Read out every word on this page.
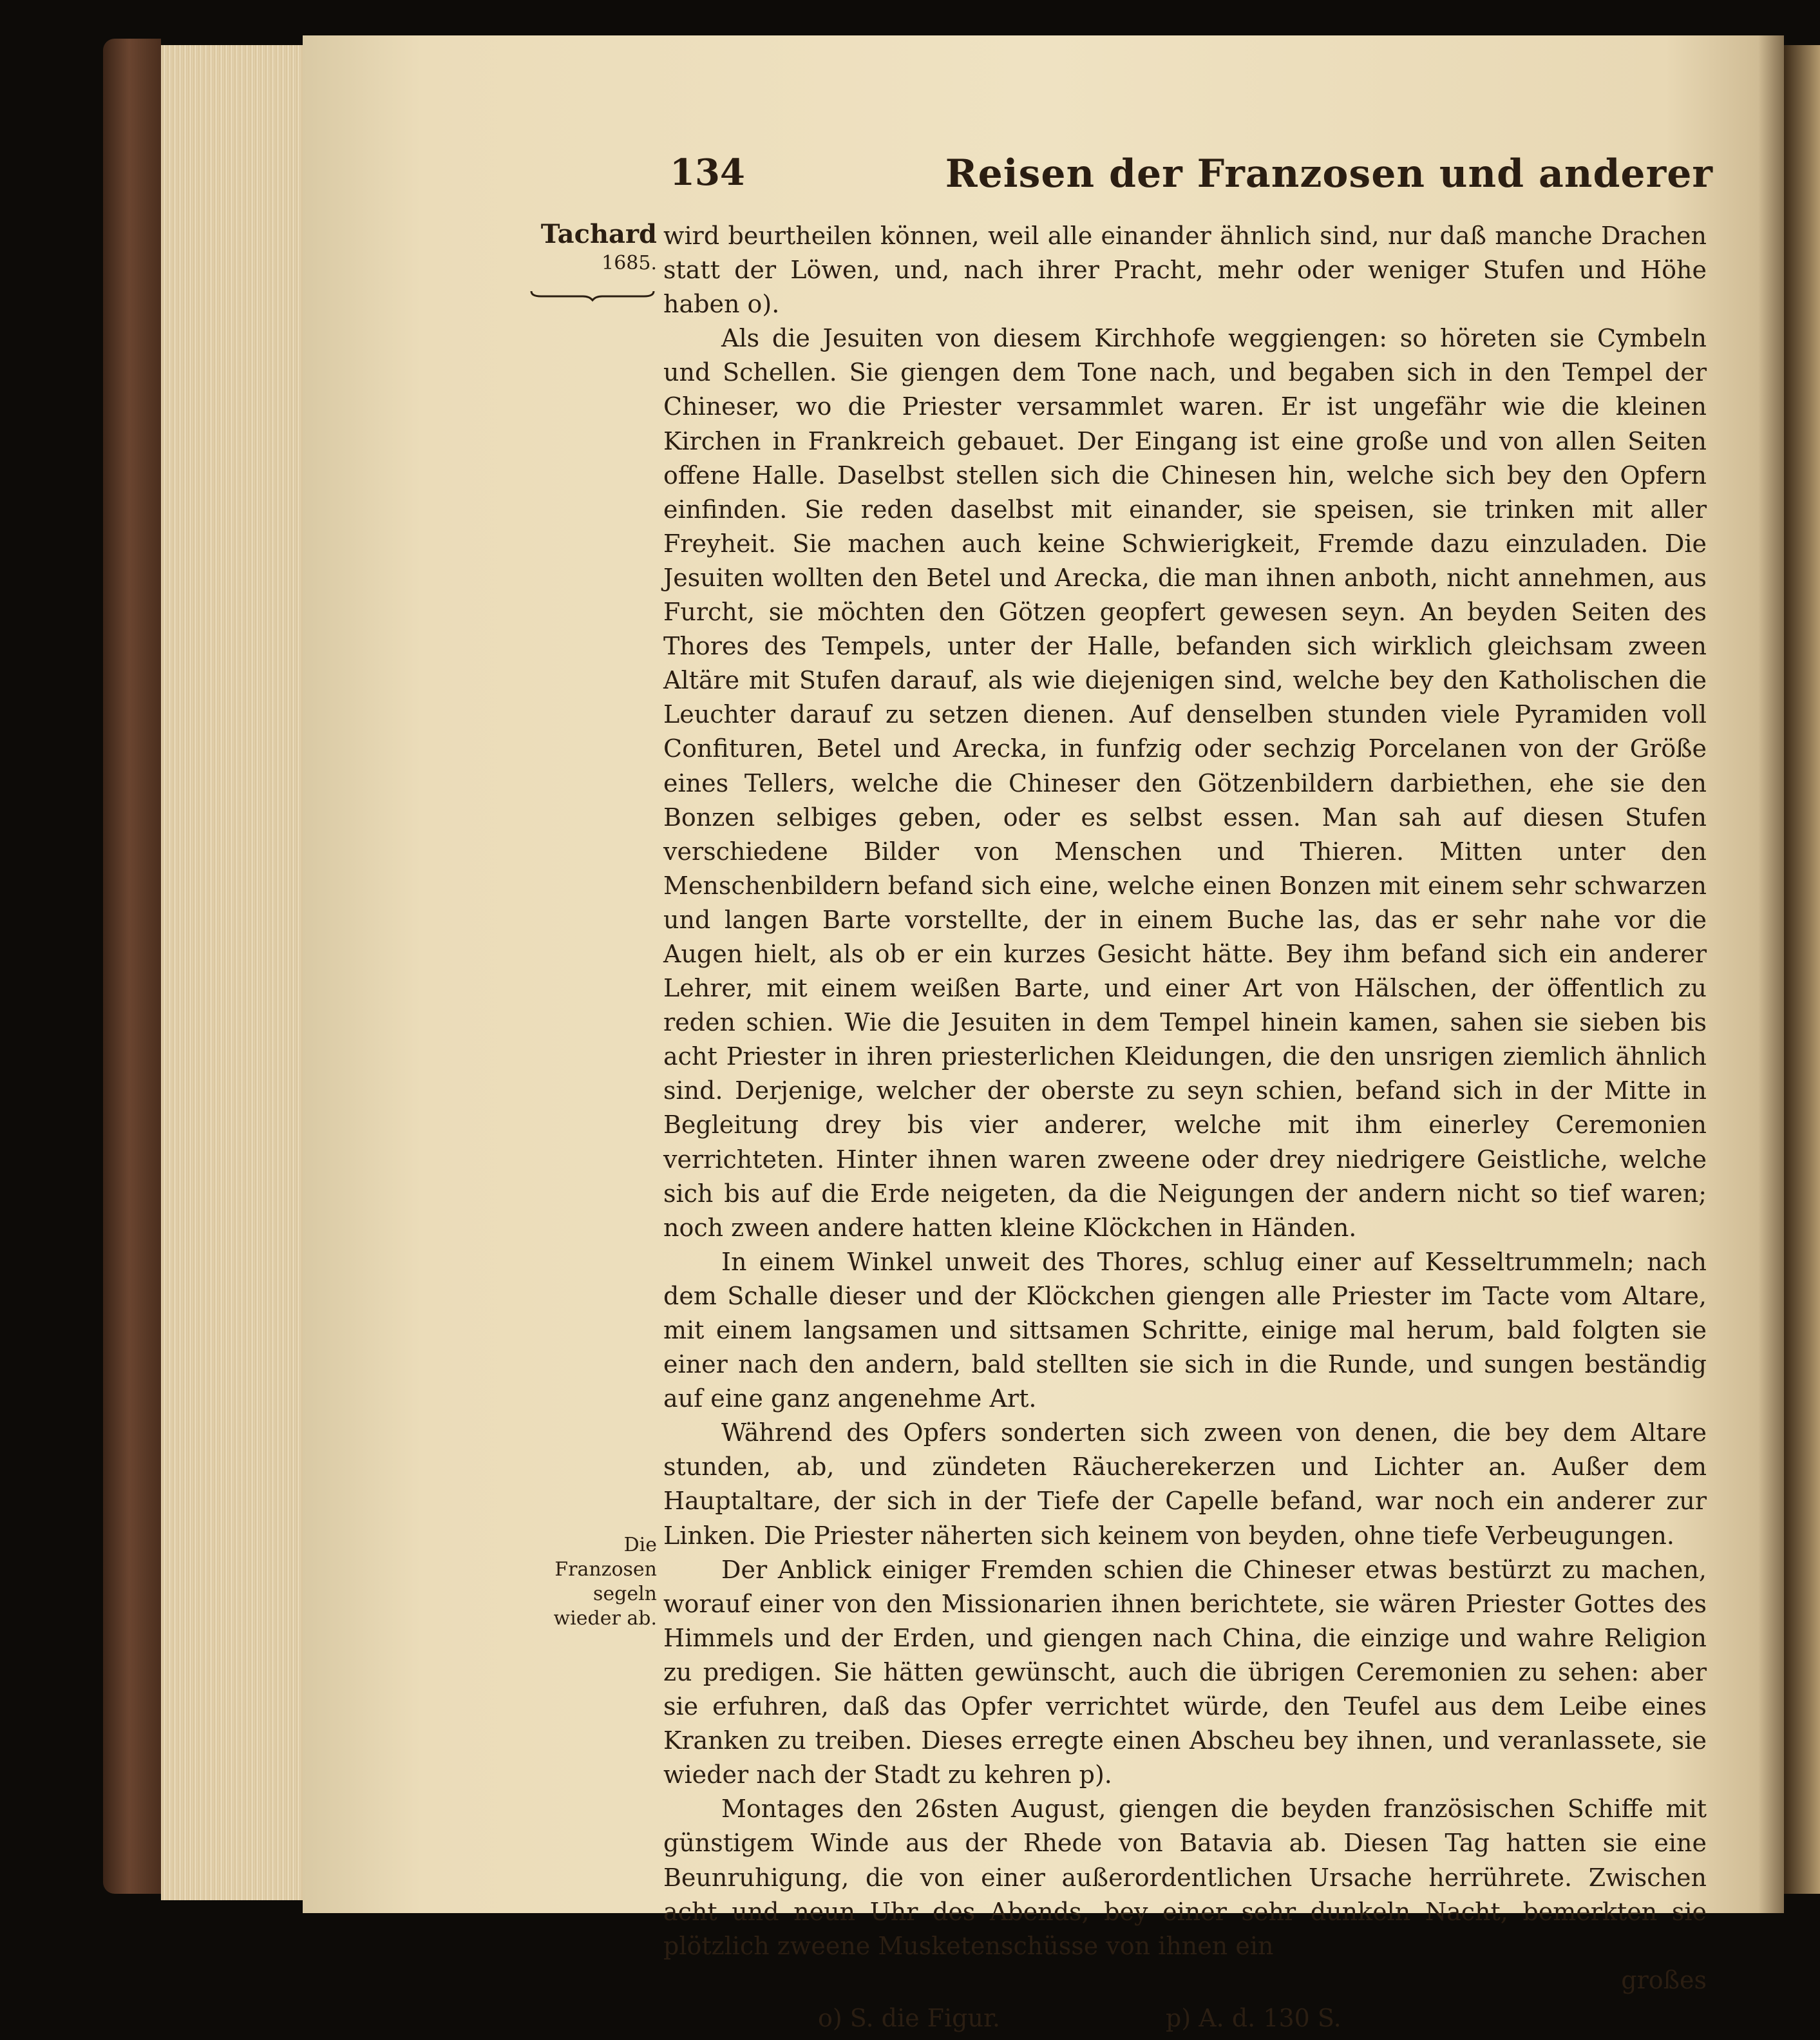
134	Reisen der Franzosen und anderer
Tachard
1685.
Die Franzosen segeln wieder ab.

wird beurtheilen können, weil alle einander ähnlich sind, nur daß manche Drachen statt der Löwen, und, nach ihrer Pracht, mehr oder weniger Stufen und Höhe haben o).

Als die Jesuiten von diesem Kirchhofe weggiengen: so höreten sie Cymbeln und Schellen. Sie giengen dem Tone nach, und begaben sich in den Tempel der Chineser, wo die Priester versammlet waren. Er ist ungefähr wie die kleinen Kirchen in Frankreich gebauet. Der Eingang ist eine große und von allen Seiten offene Halle. Daselbst stellen sich die Chinesen hin, welche sich bey den Opfern einfinden. Sie reden daselbst mit einander, sie speisen, sie trinken mit aller Freyheit. Sie machen auch keine Schwierigkeit, Fremde dazu einzuladen. Die Jesuiten wollten den Betel und Arecka, die man ihnen anboth, nicht annehmen, aus Furcht, sie möchten den Götzen geopfert gewesen seyn. An beyden Seiten des Thores des Tempels, unter der Halle, befanden sich wirklich gleichsam zween Altäre mit Stufen darauf, als wie diejenigen sind, welche bey den Katholischen die Leuchter darauf zu setzen dienen. Auf denselben stunden viele Pyramiden voll Confituren, Betel und Arecka, in funfzig oder sechzig Porcelanen von der Größe eines Tellers, welche die Chineser den Götzenbildern darbiethen, ehe sie den Bonzen selbiges geben, oder es selbst essen. Man sah auf diesen Stufen verschiedene Bilder von Menschen und Thieren. Mitten unter den Menschenbildern befand sich eine, welche einen Bonzen mit einem sehr schwarzen und langen Barte vorstellte, der in einem Buche las, das er sehr nahe vor die Augen hielt, als ob er ein kurzes Gesicht hätte. Bey ihm befand sich ein anderer Lehrer, mit einem weißen Barte, und einer Art von Hälschen, der öffentlich zu reden schien. Wie die Jesuiten in dem Tempel hinein kamen, sahen sie sieben bis acht Priester in ihren priesterlichen Kleidungen, die den unsrigen ziemlich ähnlich sind. Derjenige, welcher der oberste zu seyn schien, befand sich in der Mitte in Begleitung drey bis vier anderer, welche mit ihm einerley Ceremonien verrichteten. Hinter ihnen waren zweene oder drey niedrigere Geistliche, welche sich bis auf die Erde neigeten, da die Neigungen der andern nicht so tief waren; noch zween andere hatten kleine Klöckchen in Händen.

In einem Winkel unweit des Thores, schlug einer auf Kesseltrummeln; nach dem Schalle dieser und der Klöckchen giengen alle Priester im Tacte vom Altare, mit einem langsamen und sittsamen Schritte, einige mal herum, bald folgten sie einer nach den andern, bald stellten sie sich in die Runde, und sungen beständig auf eine ganz angenehme Art.

Während des Opfers sonderten sich zween von denen, die bey dem Altare stunden, ab, und zündeten Räucherekerzen und Lichter an. Außer dem Hauptaltare, der sich in der Tiefe der Capelle befand, war noch ein anderer zur Linken. Die Priester näherten sich keinem von beyden, ohne tiefe Verbeugungen.

Der Anblick einiger Fremden schien die Chineser etwas bestürzt zu machen, worauf einer von den Missionarien ihnen berichtete, sie wären Priester Gottes des Himmels und der Erden, und giengen nach China, die einzige und wahre Religion zu predigen. Sie hätten gewünscht, auch die übrigen Ceremonien zu sehen: aber sie erfuhren, daß das Opfer verrichtet würde, den Teufel aus dem Leibe eines Kranken zu treiben. Dieses erregte einen Abscheu bey ihnen, und veranlassete, sie wieder nach der Stadt zu kehren p).

Montages den 26sten August, giengen die beyden französischen Schiffe mit günstigem Winde aus der Rhede von Batavia ab. Diesen Tag hatten sie eine Beunruhigung, die von einer außerordentlichen Ursache herrührete. Zwischen acht und neun Uhr des Abends, bey einer sehr dunkeln Nacht, bemerkten sie plötzlich zweene Musketenschüsse von ihnen ein

großes
o) S. die Figur.	p) A. d. 130 S.
